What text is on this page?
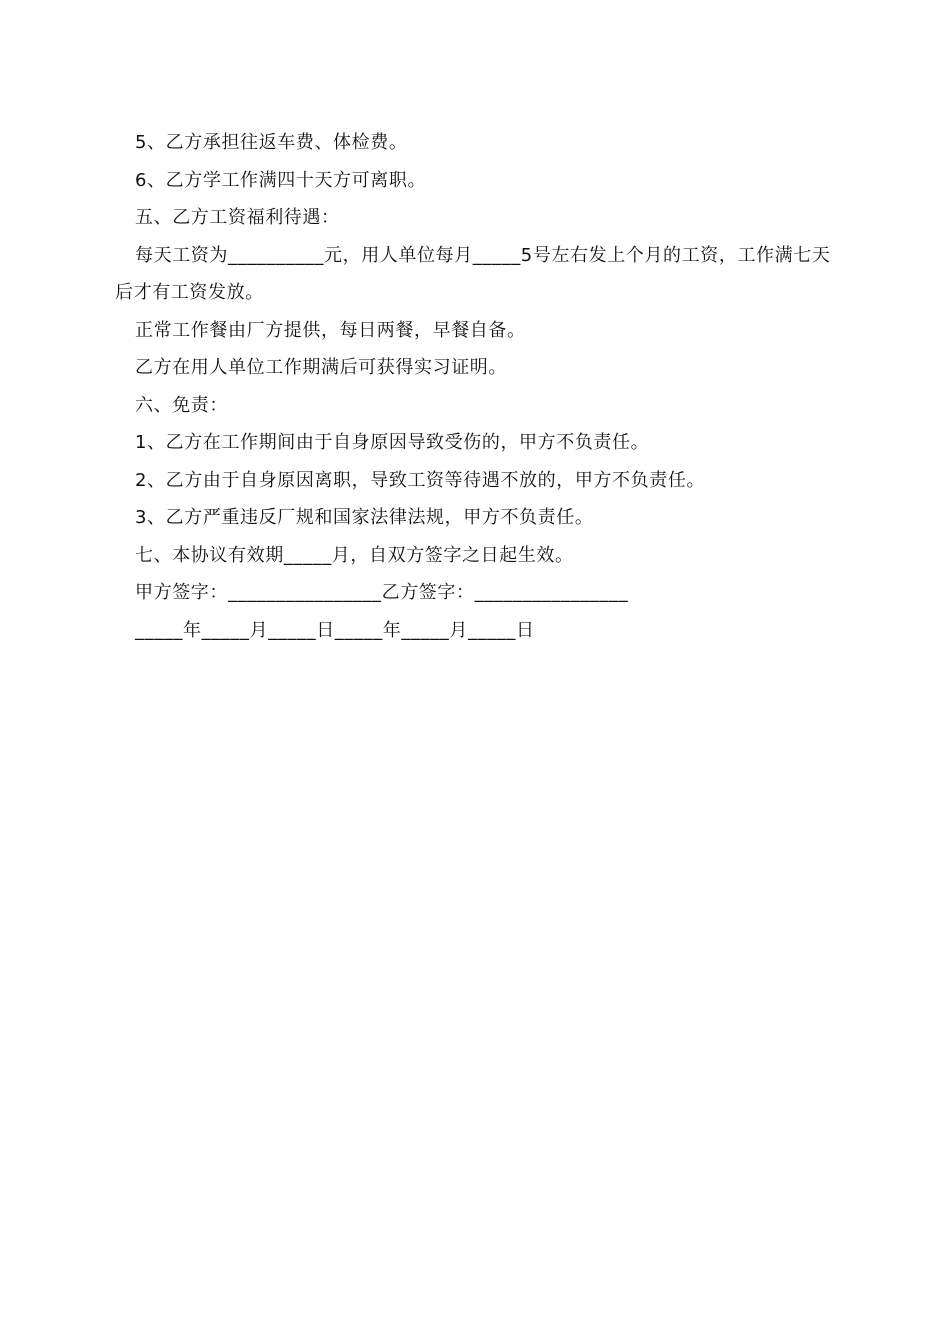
5、乙方承担往返车费、体检费。

6、乙方学工作满四十天方可离职。

五、乙方工资福利待遇：

每天工资为__________元，用人单位每月_____5号左右发上个月的工资，工作满七天后才有工资发放。

正常工作餐由厂方提供，每日两餐，早餐自备。

乙方在用人单位工作期满后可获得实习证明。

六、免责：

1、乙方在工作期间由于自身原因导致受伤的，甲方不负责任。

2、乙方由于自身原因离职，导致工资等待遇不放的，甲方不负责任。

3、乙方严重违反厂规和国家法律法规，甲方不负责任。

七、本协议有效期_____月，自双方签字之日起生效。

甲方签字：________________乙方签字：________________

_____年_____月_____日_____年_____月_____日
